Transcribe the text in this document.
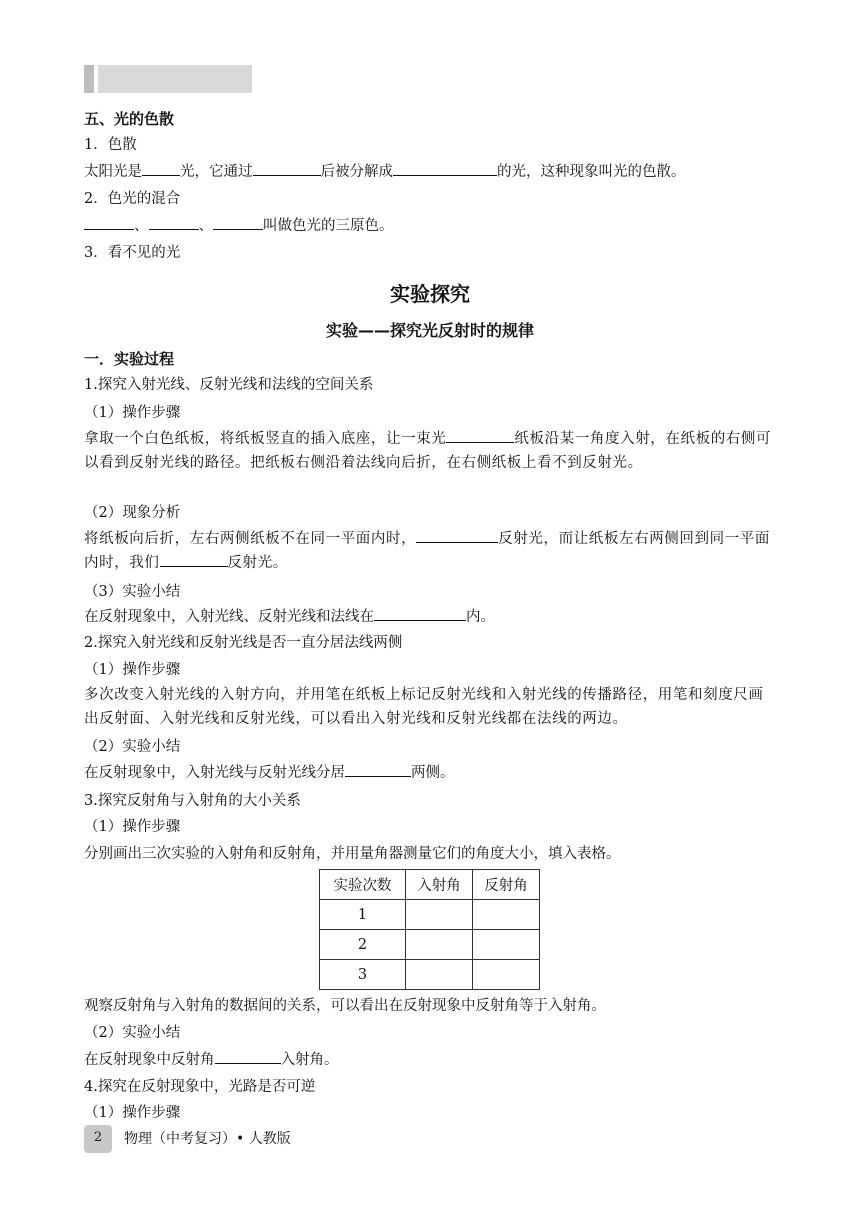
五、光的色散
1．色散
太阳光是	光，它通过	后被分解成	的光，这种现象叫光的色散。
2．色光的混合
、	、	叫做色光的三原色。
3．看不见的光
实验探究
实验——探究光反射时的规律
一．实验过程
1.探究入射光线、反射光线和法线的空间关系
（1）操作步骤
拿取一个白色纸板，将纸板竖直的插入底座，让一束光	纸板沿某一角度入射，在纸板的右侧可以看到反射光线的路径。把纸板右侧沿着法线向后折，在右侧纸板上看不到反射光。
（2）现象分析
将纸板向后折，左右两侧纸板不在同一平面内时，	反射光，而让纸板左右两侧回到同一平面内时，我们	反射光。
（3）实验小结
在反射现象中，入射光线、反射光线和法线在	内。
2.探究入射光线和反射光线是否一直分居法线两侧
（1）操作步骤
多次改变入射光线的入射方向，并用笔在纸板上标记反射光线和入射光线的传播路径，用笔和刻度尺画出反射面、入射光线和反射光线，可以看出入射光线和反射光线都在法线的两边。
（2）实验小结
在反射现象中，入射光线与反射光线分居	两侧。
3.探究反射角与入射角的大小关系
（1）操作步骤
分别画出三次实验的入射角和反射角，并用量角器测量它们的角度大小，填入表格。
实验次数	入射角	反射角
1		
2		
3		
观察反射角与入射角的数据间的关系，可以看出在反射现象中反射角等于入射角。
（2）实验小结
在反射现象中反射角	入射角。
4.探究在反射现象中，光路是否可逆
（1）操作步骤
2	物理（中考复习）• 人教版
